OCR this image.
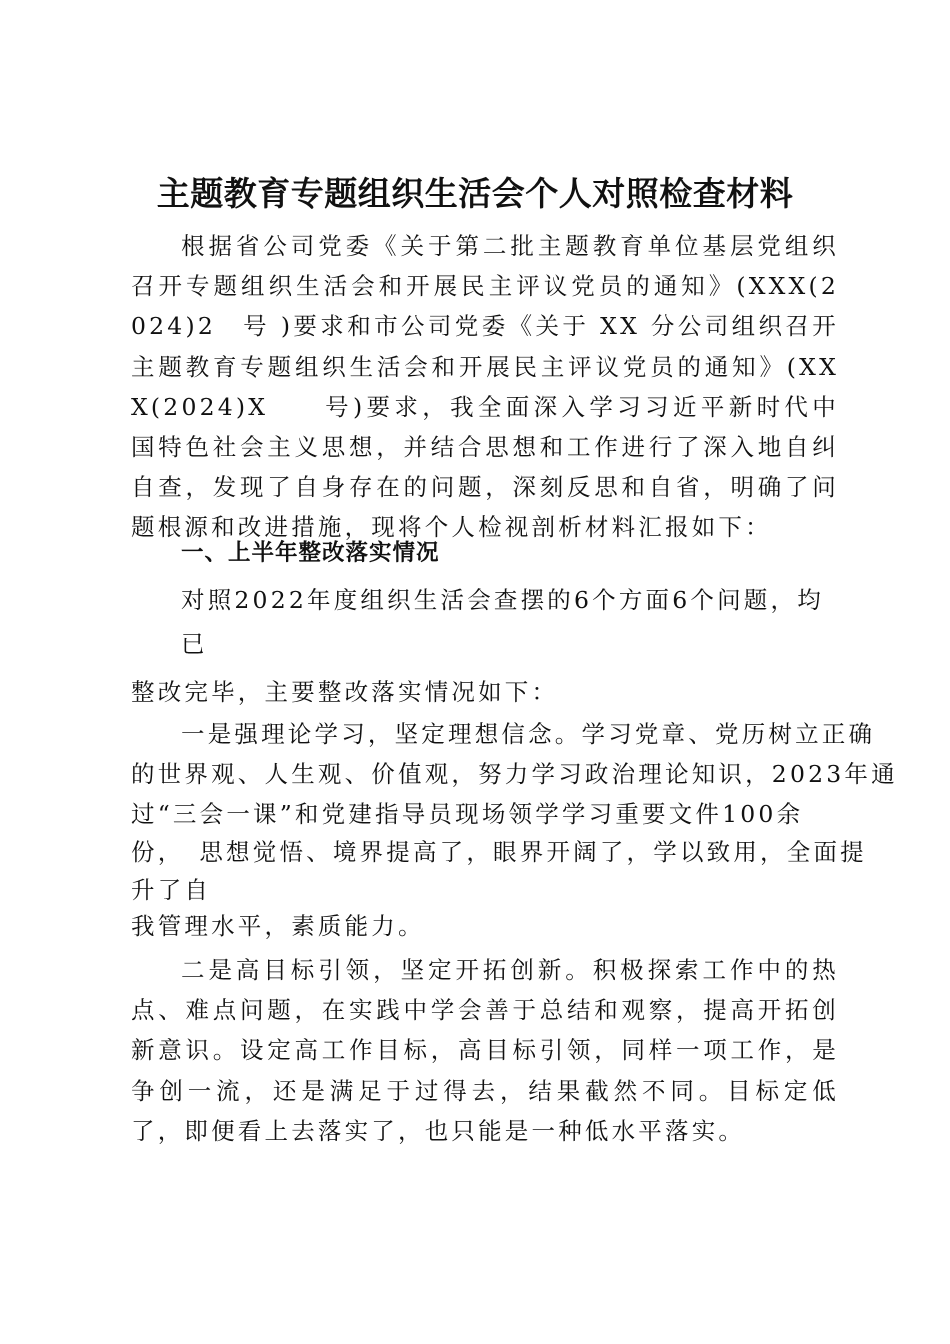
主题教育专题组织生活会个人对照检查材料

根据省公司党委《关于第二批主题教育单位基层党组织召开专题组织生活会和开展民主评议党员的通知》(XXX(2024)2　号 )要求和市公司党委《关于 XX 分公司组织召开主题教育专题组织生活会和开展民主评议党员的通知》(XXX(2024)X　　号)要求，我全面深入学习习近平新时代中国特色社会主义思想，并结合思想和工作进行了深入地自纠自查，发现了自身存在的问题，深刻反思和自省，明确了问题根源和改进措施，现将个人检视剖析材料汇报如下：

一、上半年整改落实情况
对照2022年度组织生活会查摆的6个方面6个问题，均
已
整改完毕，主要整改落实情况如下：
一是强理论学习，坚定理想信念。学习党章、党历树立正确
的世界观、人生观、价值观，努力学习政治理论知识，2023年通
过“三会一课”和党建指导员现场领学学习重要文件100余
份，　思想觉悟、境界提高了，眼界开阔了，学以致用，全面提
升了自
我管理水平，素质能力。

二是高目标引领，坚定开拓创新。积极探索工作中的热点、难点问题，在实践中学会善于总结和观察，提高开拓创新意识。设定高工作目标，高目标引领，同样一项工作，是争创一流，还是满足于过得去，结果截然不同。目标定低了，即便看上去落实了，也只能是一种低水平落实。
